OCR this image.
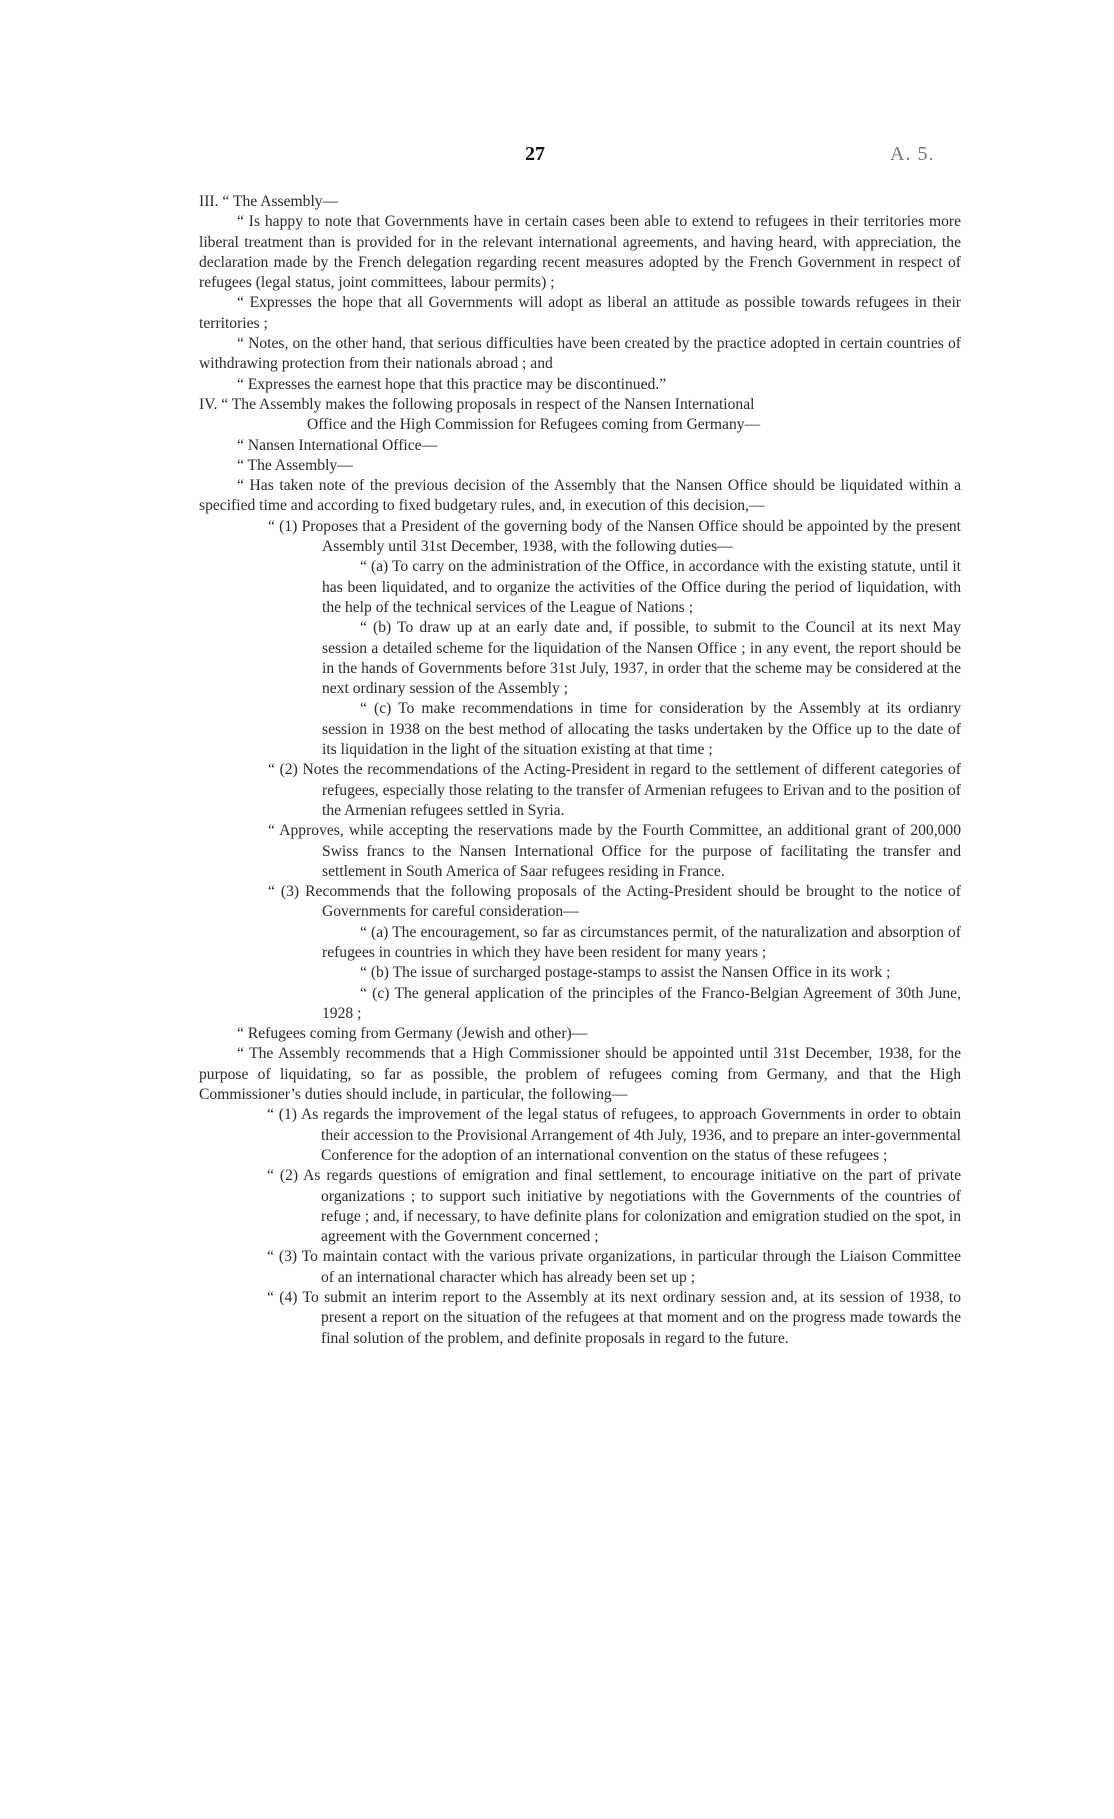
27	A. 5.

III. “ The Assembly—

“ Is happy to note that Governments have in certain cases been able to extend to refugees in their territories more liberal treatment than is provided for in the relevant international agreements, and having heard, with appreciation, the declaration made by the French delegation regarding recent measures adopted by the French Government in respect of refugees (legal status, joint committees, labour permits) ;

“ Expresses the hope that all Governments will adopt as liberal an attitude as possible towards refugees in their territories ;

“ Notes, on the other hand, that serious difficulties have been created by the practice adopted in certain countries of withdrawing protection from their nationals abroad ; and

“ Expresses the earnest hope that this practice may be discontinued.”

IV. “ The Assembly makes the following proposals in respect of the Nansen International
Office and the High Commission for Refugees coming from Germany—

“ Nansen International Office—

“ The Assembly—

“ Has taken note of the previous decision of the Assembly that the Nansen Office should be liquidated within a specified time and according to fixed budgetary rules, and, in execution of this decision,—

“ (1) Proposes that a President of the governing body of the Nansen Office should be appointed by the present Assembly until 31st December, 1938, with the following duties—

“ (a) To carry on the administration of the Office, in accordance with the existing statute, until it has been liquidated, and to organize the activities of the Office during the period of liquidation, with the help of the technical services of the League of Nations ;

“ (b) To draw up at an early date and, if possible, to submit to the Council at its next May session a detailed scheme for the liquidation of the Nansen Office ; in any event, the report should be in the hands of Governments before 31st July, 1937, in order that the scheme may be considered at the next ordinary session of the Assembly ;

“ (c) To make recommendations in time for consideration by the Assembly at its ordianry session in 1938 on the best method of allocating the tasks undertaken by the Office up to the date of its liquidation in the light of the situation existing at that time ;

“ (2) Notes the recommendations of the Acting-President in regard to the settlement of different categories of refugees, especially those relating to the transfer of Armenian refugees to Erivan and to the position of the Armenian refugees settled in Syria.

“ Approves, while accepting the reservations made by the Fourth Committee, an additional grant of 200,000 Swiss francs to the Nansen International Office for the purpose of facilitating the transfer and settlement in South America of Saar refugees residing in France.

“ (3) Recommends that the following proposals of the Acting-President should be brought to the notice of Governments for careful consideration—

“ (a) The encouragement, so far as circumstances permit, of the naturalization and absorption of refugees in countries in which they have been resident for many years ;

“ (b) The issue of surcharged postage-stamps to assist the Nansen Office in its work ;

“ (c) The general application of the principles of the Franco-Belgian Agreement of 30th June, 1928 ;

“ Refugees coming from Germany (Jewish and other)—

“ The Assembly recommends that a High Commissioner should be appointed until 31st December, 1938, for the purpose of liquidating, so far as possible, the problem of refugees coming from Germany, and that the High Commissioner’s duties should include, in particular, the following—

“ (1) As regards the improvement of the legal status of refugees, to approach Governments in order to obtain their accession to the Provisional Arrangement of 4th July, 1936, and to prepare an inter-governmental Conference for the adoption of an international convention on the status of these refugees ;

“ (2) As regards questions of emigration and final settlement, to encourage initiative on the part of private organizations ; to support such initiative by negotiations with the Governments of the countries of refuge ; and, if necessary, to have definite plans for colonization and emigration studied on the spot, in agreement with the Government concerned ;

“ (3) To maintain contact with the various private organizations, in particular through the Liaison Committee of an international character which has already been set up ;

“ (4) To submit an interim report to the Assembly at its next ordinary session and, at its session of 1938, to present a report on the situation of the refugees at that moment and on the progress made towards the final solution of the problem, and definite proposals in regard to the future.
